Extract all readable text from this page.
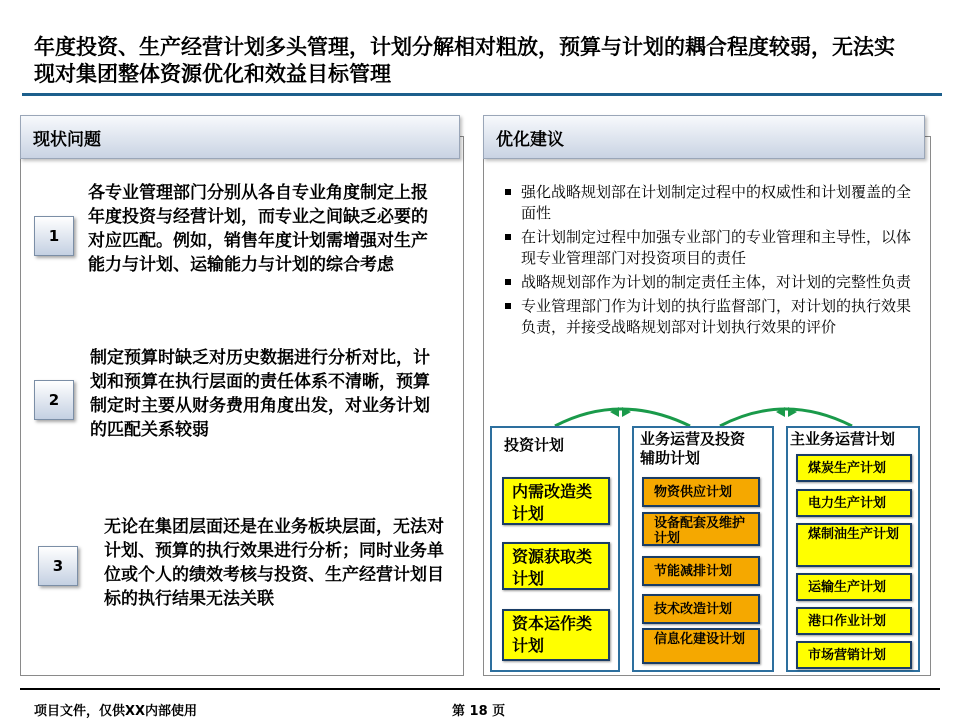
年度投资、生产经营计划多头管理，计划分解相对粗放，预算与计划的耦合程度较弱，无法实现对集团整体资源优化和效益目标管理
现状问题
1
各专业管理部门分别从各自专业角度制定上报年度投资与经营计划，而专业之间缺乏必要的对应匹配。例如，销售年度计划需增强对生产能力与计划、运输能力与计划的综合考虑
2
制定预算时缺乏对历史数据进行分析对比，计划和预算在执行层面的责任体系不清晰，预算制定时主要从财务费用角度出发，对业务计划的匹配关系较弱
3
无论在集团层面还是在业务板块层面，无法对计划、预算的执行效果进行分析；同时业务单位或个人的绩效考核与投资、生产经营计划目标的执行结果无法关联
优化建议
强化战略规划部在计划制定过程中的权威性和计划覆盖的全面性
在计划制定过程中加强专业部门的专业管理和主导性，以体现专业管理部门对投资项目的责任
战略规划部作为计划的制定责任主体，对计划的完整性负责
专业管理部门作为计划的执行监督部门，对计划的执行效果负责，并接受战略规划部对计划执行效果的评价
投资计划
内需改造类计划
资源获取类计划
资本运作类计划
业务运营及投资辅助计划
物资供应计划
设备配套及维护计划
节能减排计划
技术改造计划
信息化建设计划
主业务运营计划
煤炭生产计划
电力生产计划
煤制油生产计划
运输生产计划
港口作业计划
市场营销计划
项目文件，仅供XX内部使用	第 18 页
